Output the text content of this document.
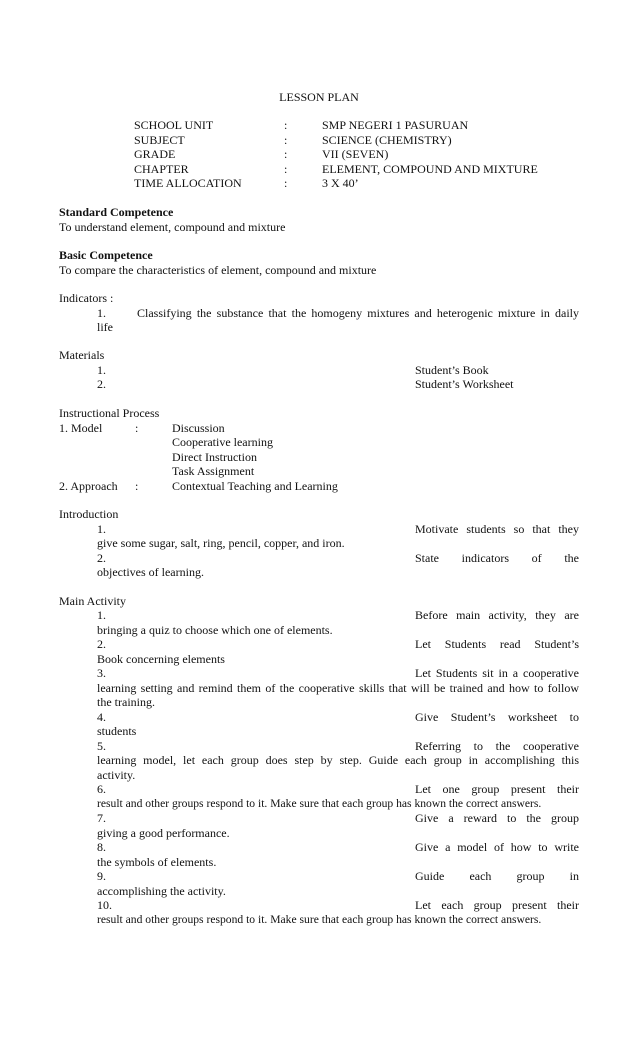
LESSON PLAN
SCHOOL UNIT	:	SMP NEGERI 1 PASURUAN
SUBJECT	:	SCIENCE (CHEMISTRY)
GRADE	:	VII (SEVEN)
CHAPTER	:	ELEMENT, COMPOUND AND MIXTURE
TIME ALLOCATION	:	3 X 40’
Standard Competence
To understand element, compound and mixture
Basic Competence
To compare the characteristics of element, compound and mixture
Indicators :
1.	Classifying the substance that the homogeny mixtures and heterogenic mixture in daily
life
Materials
1.	Student’s Book
2.	Student’s Worksheet
Instructional Process
1. Model	:	Discussion
Cooperative learning
Direct Instruction
Task Assignment
2. Approach :	Contextual Teaching and Learning
Introduction
1.	Motivate students so that they
give some sugar, salt, ring, pencil, copper, and iron.
2.	State indicators of the
objectives of learning.
Main Activity
1.	Before main activity, they are
bringing a quiz to choose which one of elements.
2.	Let Students read Student’s
Book concerning elements
3.	Let Students sit in a cooperative
learning setting and remind them of the cooperative skills that will be trained and how to follow
the training.
4.	Give Student’s worksheet to
students
5.	Referring to the cooperative
learning model, let each group does step by step. Guide each group in accomplishing this
activity.
6.	Let one group present their
result and other groups respond to it. Make sure that each group has known the correct answers.
7.	Give a reward to the group
giving a good performance.
8.	Give a model of how to write
the symbols of elements.
9.	Guide each group in
accomplishing the activity.
10.	Let each group present their
result and other groups respond to it. Make sure that each group has known the correct answers.
